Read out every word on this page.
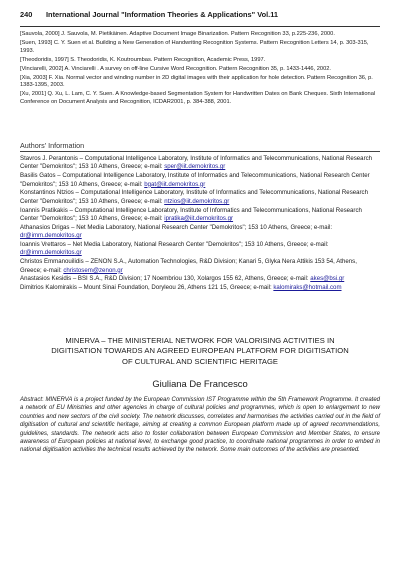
240	International Journal "Information Theories & Applications" Vol.11

[Sauvola, 2000] J. Sauvola, M. Pietikäinen. Adaptive Document Image Binarization. Pattern Recognition 33, p.225-236, 2000.

[Suen, 1993] C. Y. Suen et al. Building a New Generation of Handwriting Recognition Systems. Pattern Recognition Letters 14, p. 303-315, 1993.

[Theodoridis, 1997] S. Theodoridis, K. Koutroumbas. Pattern Recognition, Academic Press, 1997.

[Vinciarelli, 2002] A. Vinciarelli . A survey on off-line Cursive Word Recognition. Pattern Recognition 35, p. 1433-1446, 2002.

[Xia, 2003] F. Xia. Normal vector and winding number in 2D digital images with their application for hole detection. Pattern Recognition 36, p. 1383-1395, 2003.

[Xu, 2001] Q. Xu, L. Lam, C. Y. Suen. A Knowledge-based Segmentation System for Handwritten Dates on Bank Cheques. Sixth International Conference on Document Analysis and Recognition, ICDAR2001, p. 384-388, 2001.

Authors' Information

Stavros J. Perantonis – Computational Intelligence Laboratory, Institute of Informatics and Telecommunications, National Research Center "Demokritos"; 153 10 Athens, Greece; e-mail: sper@iit.demokritos.gr

Basilis Gatos – Computational Intelligence Laboratory, Institute of Informatics and Telecommunications, National Research Center "Demokritos"; 153 10 Athens, Greece; e-mail: bgat@iit.demokritos.gr

Konstantinos Ntzios – Computational Intelligence Laboratory, Institute of Informatics and Telecommunications, National Research Center "Demokritos"; 153 10 Athens, Greece; e-mail: ntzios@iit.demokritos.gr

Ioannis Pratikakis – Computational Intelligence Laboratory, Institute of Informatics and Telecommunications, National Research Center "Demokritos"; 153 10 Athens, Greece; e-mail: ipratika@iit.demokritos.gr

Athanasios Drigas – Net Media Laboratory, National Research Center "Demokritos"; 153 10 Athens, Greece; e-mail: dr@imm.demokritos.gr

Ioannis Vrettaros – Net Media Laboratory, National Research Center "Demokritos"; 153 10 Athens, Greece; e-mail: dr@imm.demokritos.gr

Christos Emmanouilidis – ZENON S.A., Automation Technologies, R&D Division; Kanari 5, Glyka Nera Attikis 153 54, Athens, Greece; e-mail: christosem@zenon.gr

Anastasios Kesidis – BSI S.A., R&D Division; 17 Noembriou 130, Xolargos 155 62, Athens, Greece; e-mail: akes@bsi.gr

Dimitrios Kalomirakis – Mount Sinai Foundation, Doryleou 26, Athens 121 15, Greece; e-mail: kalomiraks@hotmail.com

MINERVA – THE MINISTERIAL NETWORK FOR VALORISING ACTIVITIES IN
DIGITISATION TOWARDS AN AGREED EUROPEAN PLATFORM FOR DIGITISATION
OF CULTURAL AND SCIENTIFIC HERITAGE
Giuliana De Francesco
Abstract: MINERVA is a project funded by the European Commission IST Programme within the 5th Framework Programme. It created a network of EU Ministries and other agencies in charge of cultural policies and programmes, which is open to enlargement to new countries and new sectors of the civil society. The network discusses, correlates and harmonises the activities carried out in the field of digitisation of cultural and scientific heritage, aiming at creating a common European platform made up of agreed recommendations, guidelines, standards. The network acts also to foster collaboration between European Commission and Member States, to ensure awareness of European policies at national level, to exchange good practice, to coordinate national programmes in order to embed in national digitisation activities the technical results achieved by the network. Some main outcomes of the activities are presented.
